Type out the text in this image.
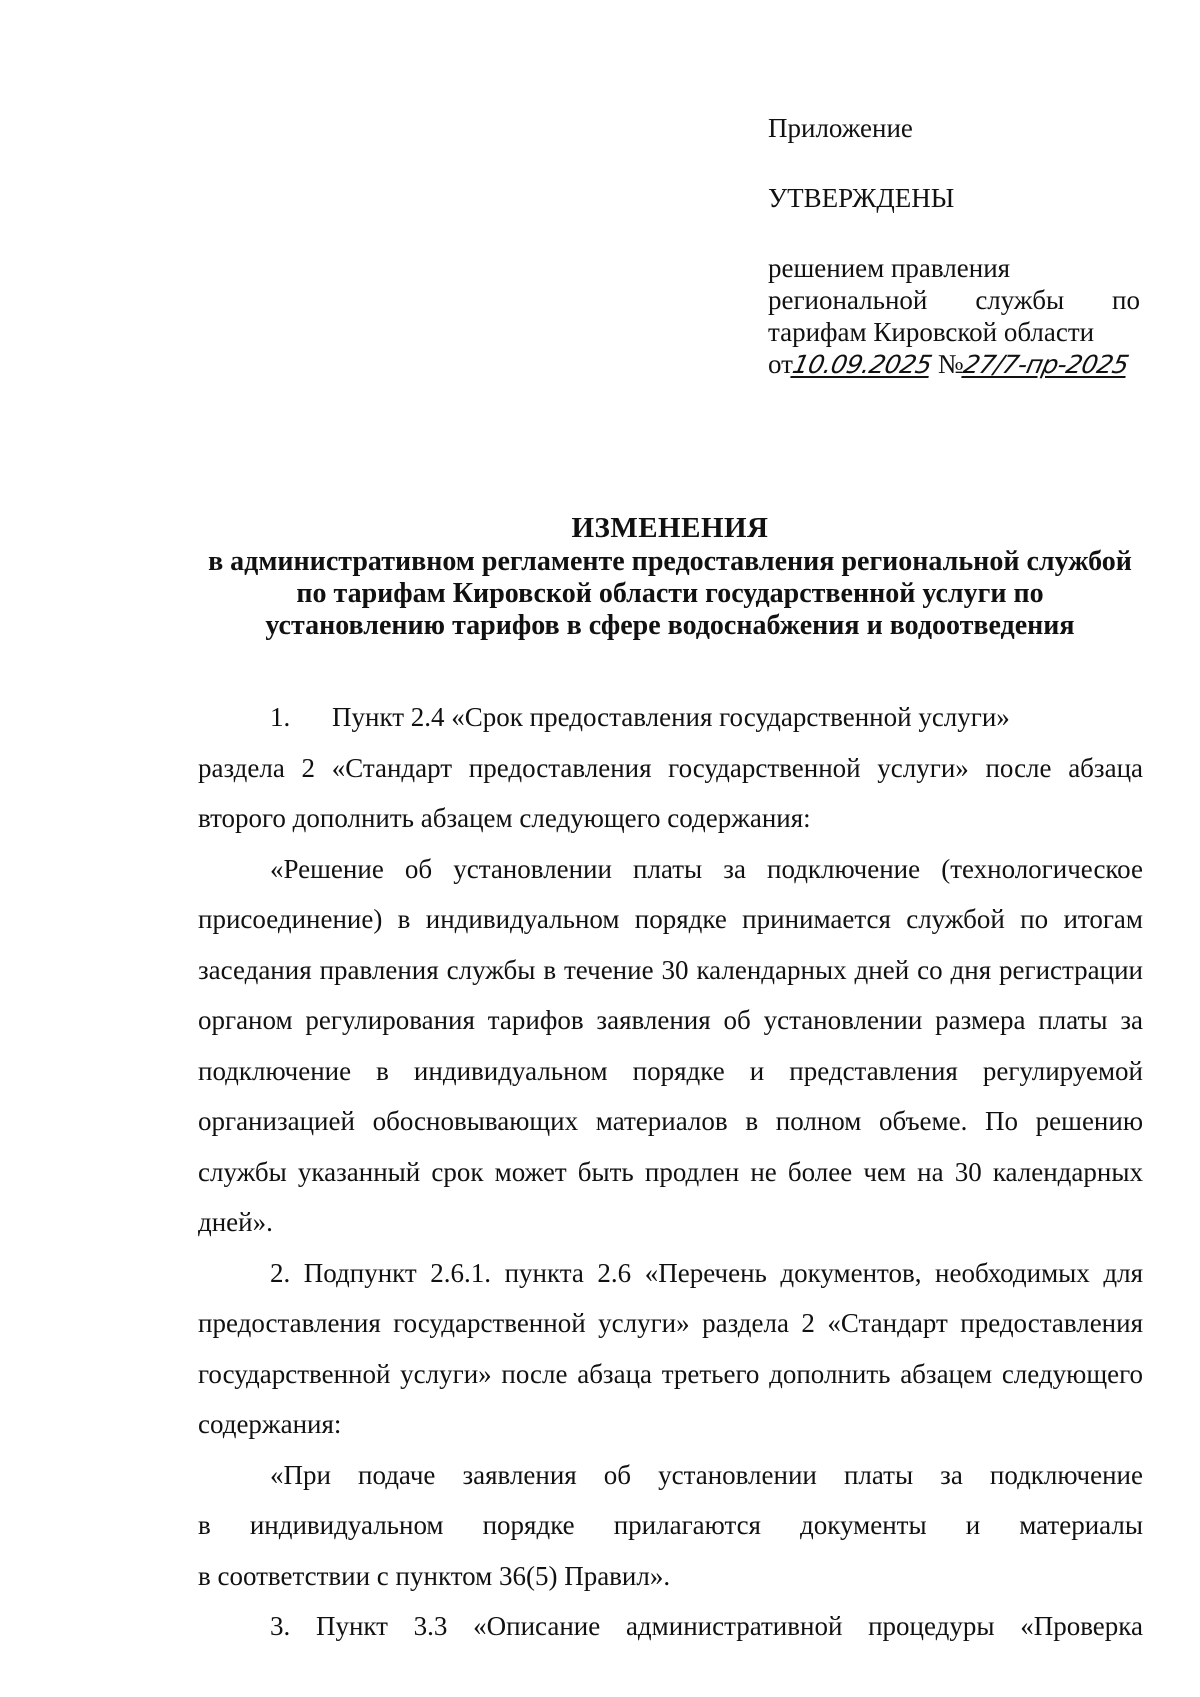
Приложение

УТВЕРЖДЕНЫ

решением правления

региональной службы по

тарифам Кировской области

от10.09.2025 №27/7-пр-2025

ИЗМЕНЕНИЯ

в административном регламенте предоставления региональной службой

по тарифам Кировской области государственной услуги по

установлению тарифов в сфере водоснабжения и водоотведения

1.	Пункт 2.4 «Срок предоставления государственной услуги»

раздела 2 «Стандарт предоставления государственной услуги» после абзаца второго дополнить абзацем следующего содержания:

«Решение об установлении платы за подключение (технологическое присоединение) в индивидуальном порядке принимается службой по итогам заседания правления службы в течение 30 календарных дней со дня регистрации органом регулирования тарифов заявления об установлении размера платы за подключение в индивидуальном порядке и представления регулируемой организацией обосновывающих материалов в полном объеме. По решению службы указанный срок может быть продлен не более чем на 30 календарных дней».

2. Подпункт 2.6.1. пункта 2.6 «Перечень документов, необходимых для предоставления государственной услуги» раздела 2 «Стандарт предоставления государственной услуги» после абзаца третьего дополнить абзацем следующего содержания:

«При подаче заявления об установлении платы за подключение

в индивидуальном порядке прилагаются документы и материалы

в соответствии с пунктом 36(5) Правил».

3. Пункт 3.3 «Описание административной процедуры «Проверка
